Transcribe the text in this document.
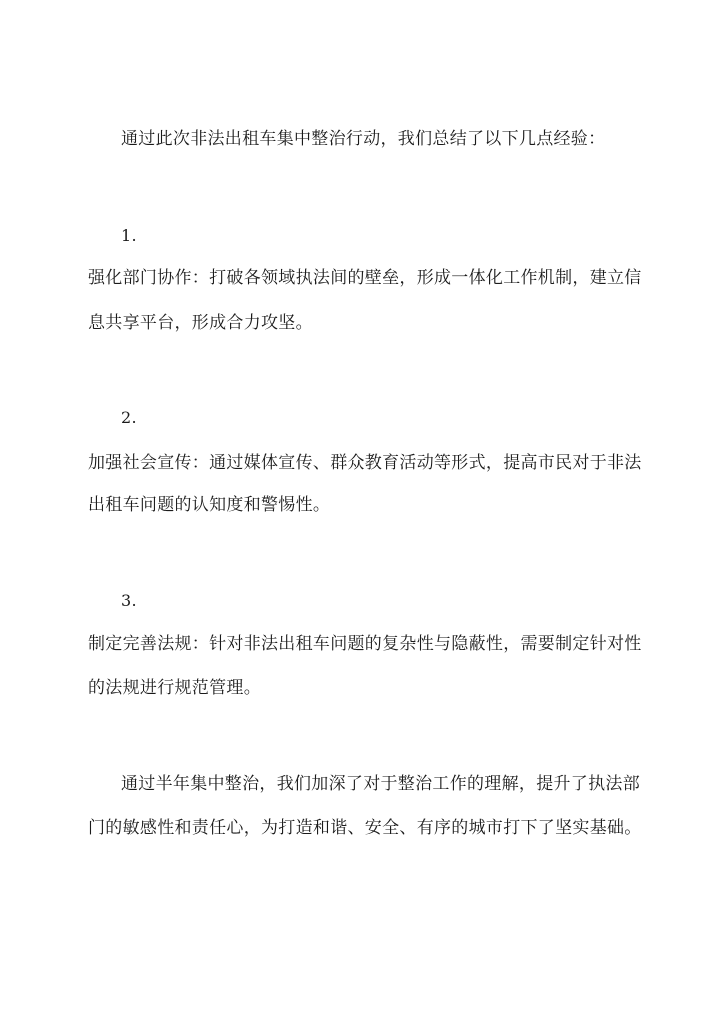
通过此次非法出租车集中整治行动，我们总结了以下几点经验：
1.
强化部门协作：打破各领域执法间的壁垒，形成一体化工作机制，建立信
息共享平台，形成合力攻坚。
2.
加强社会宣传：通过媒体宣传、群众教育活动等形式，提高市民对于非法
出租车问题的认知度和警惕性。
3.
制定完善法规：针对非法出租车问题的复杂性与隐蔽性，需要制定针对性
的法规进行规范管理。
通过半年集中整治，我们加深了对于整治工作的理解，提升了执法部
门的敏感性和责任心，为打造和谐、安全、有序的城市打下了坚实基础。
